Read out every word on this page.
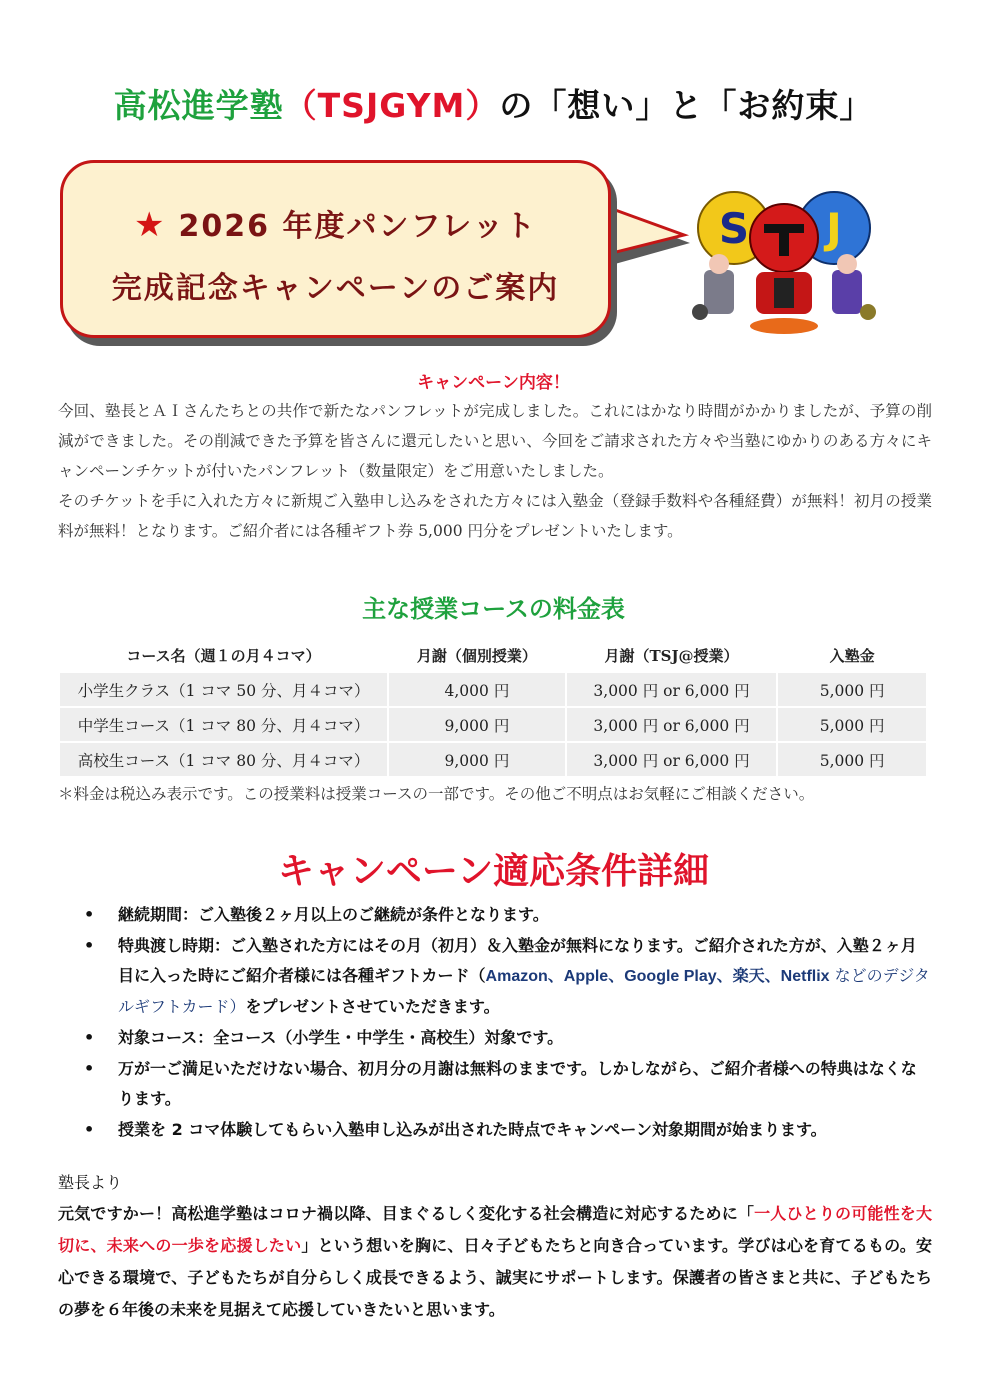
高松進学塾（TSJGYM）の「想い」と「お約束」
★ 2026 年度パンフレット
完成記念キャンペーンのご案内
S J
キャンペーン内容！
今回、塾長とＡＩさんたちとの共作で新たなパンフレットが完成しました。これにはかなり時間がかかりましたが、予算の削減ができました。その削減できた予算を皆さんに還元したいと思い、今回をご請求された方々や当塾にゆかりのある方々にキャンペーンチケットが付いたパンフレット（数量限定）をご用意いたしました。
そのチケットを手に入れた方々に新規ご入塾申し込みをされた方々には入塾金（登録手数料や各種経費）が無料！初月の授業料が無料！となります。ご紹介者には各種ギフト券 5,000 円分をプレゼントいたします。
主な授業コースの料金表
コース名（週１の月４コマ）	月謝（個別授業）	月謝（TSJ@授業）	入塾金
小学生クラス（1 コマ 50 分、月４コマ）	4,000 円	3,000 円 or 6,000 円	5,000 円
中学生コース（1 コマ 80 分、月４コマ）	9,000 円	3,000 円 or 6,000 円	5,000 円
高校生コース（1 コマ 80 分、月４コマ）	9,000 円	3,000 円 or 6,000 円	5,000 円
＊料金は税込み表示です。この授業料は授業コースの一部です。その他ご不明点はお気軽にご相談ください。
キャンペーン適応条件詳細
• 継続期間：ご入塾後２ヶ月以上のご継続が条件となります。
• 特典渡し時期：ご入塾された方にはその月（初月）＆入塾金が無料になります。ご紹介された方が、入塾２ヶ月目に入った時にご紹介者様には各種ギフトカード（Amazon、Apple、Google Play、楽天、Netflix などのデジタルギフトカード）をプレゼントさせていただきます。
• 対象コース：全コース（小学生・中学生・高校生）対象です。
• 万が一ご満足いただけない場合、初月分の月謝は無料のままです。しかしながら、ご紹介者様への特典はなくなります。
• 授業を 2 コマ体験してもらい入塾申し込みが出された時点でキャンペーン対象期間が始まります。
塾長より
元気ですかー！高松進学塾はコロナ禍以降、目まぐるしく変化する社会構造に対応するために「一人ひとりの可能性を大切に、未来への一歩を応援したい」という想いを胸に、日々子どもたちと向き合っています。学びは心を育てるもの。安心できる環境で、子どもたちが自分らしく成長できるよう、誠実にサポートします。保護者の皆さまと共に、子どもたちの夢を６年後の未来を見据えて応援していきたいと思います。
